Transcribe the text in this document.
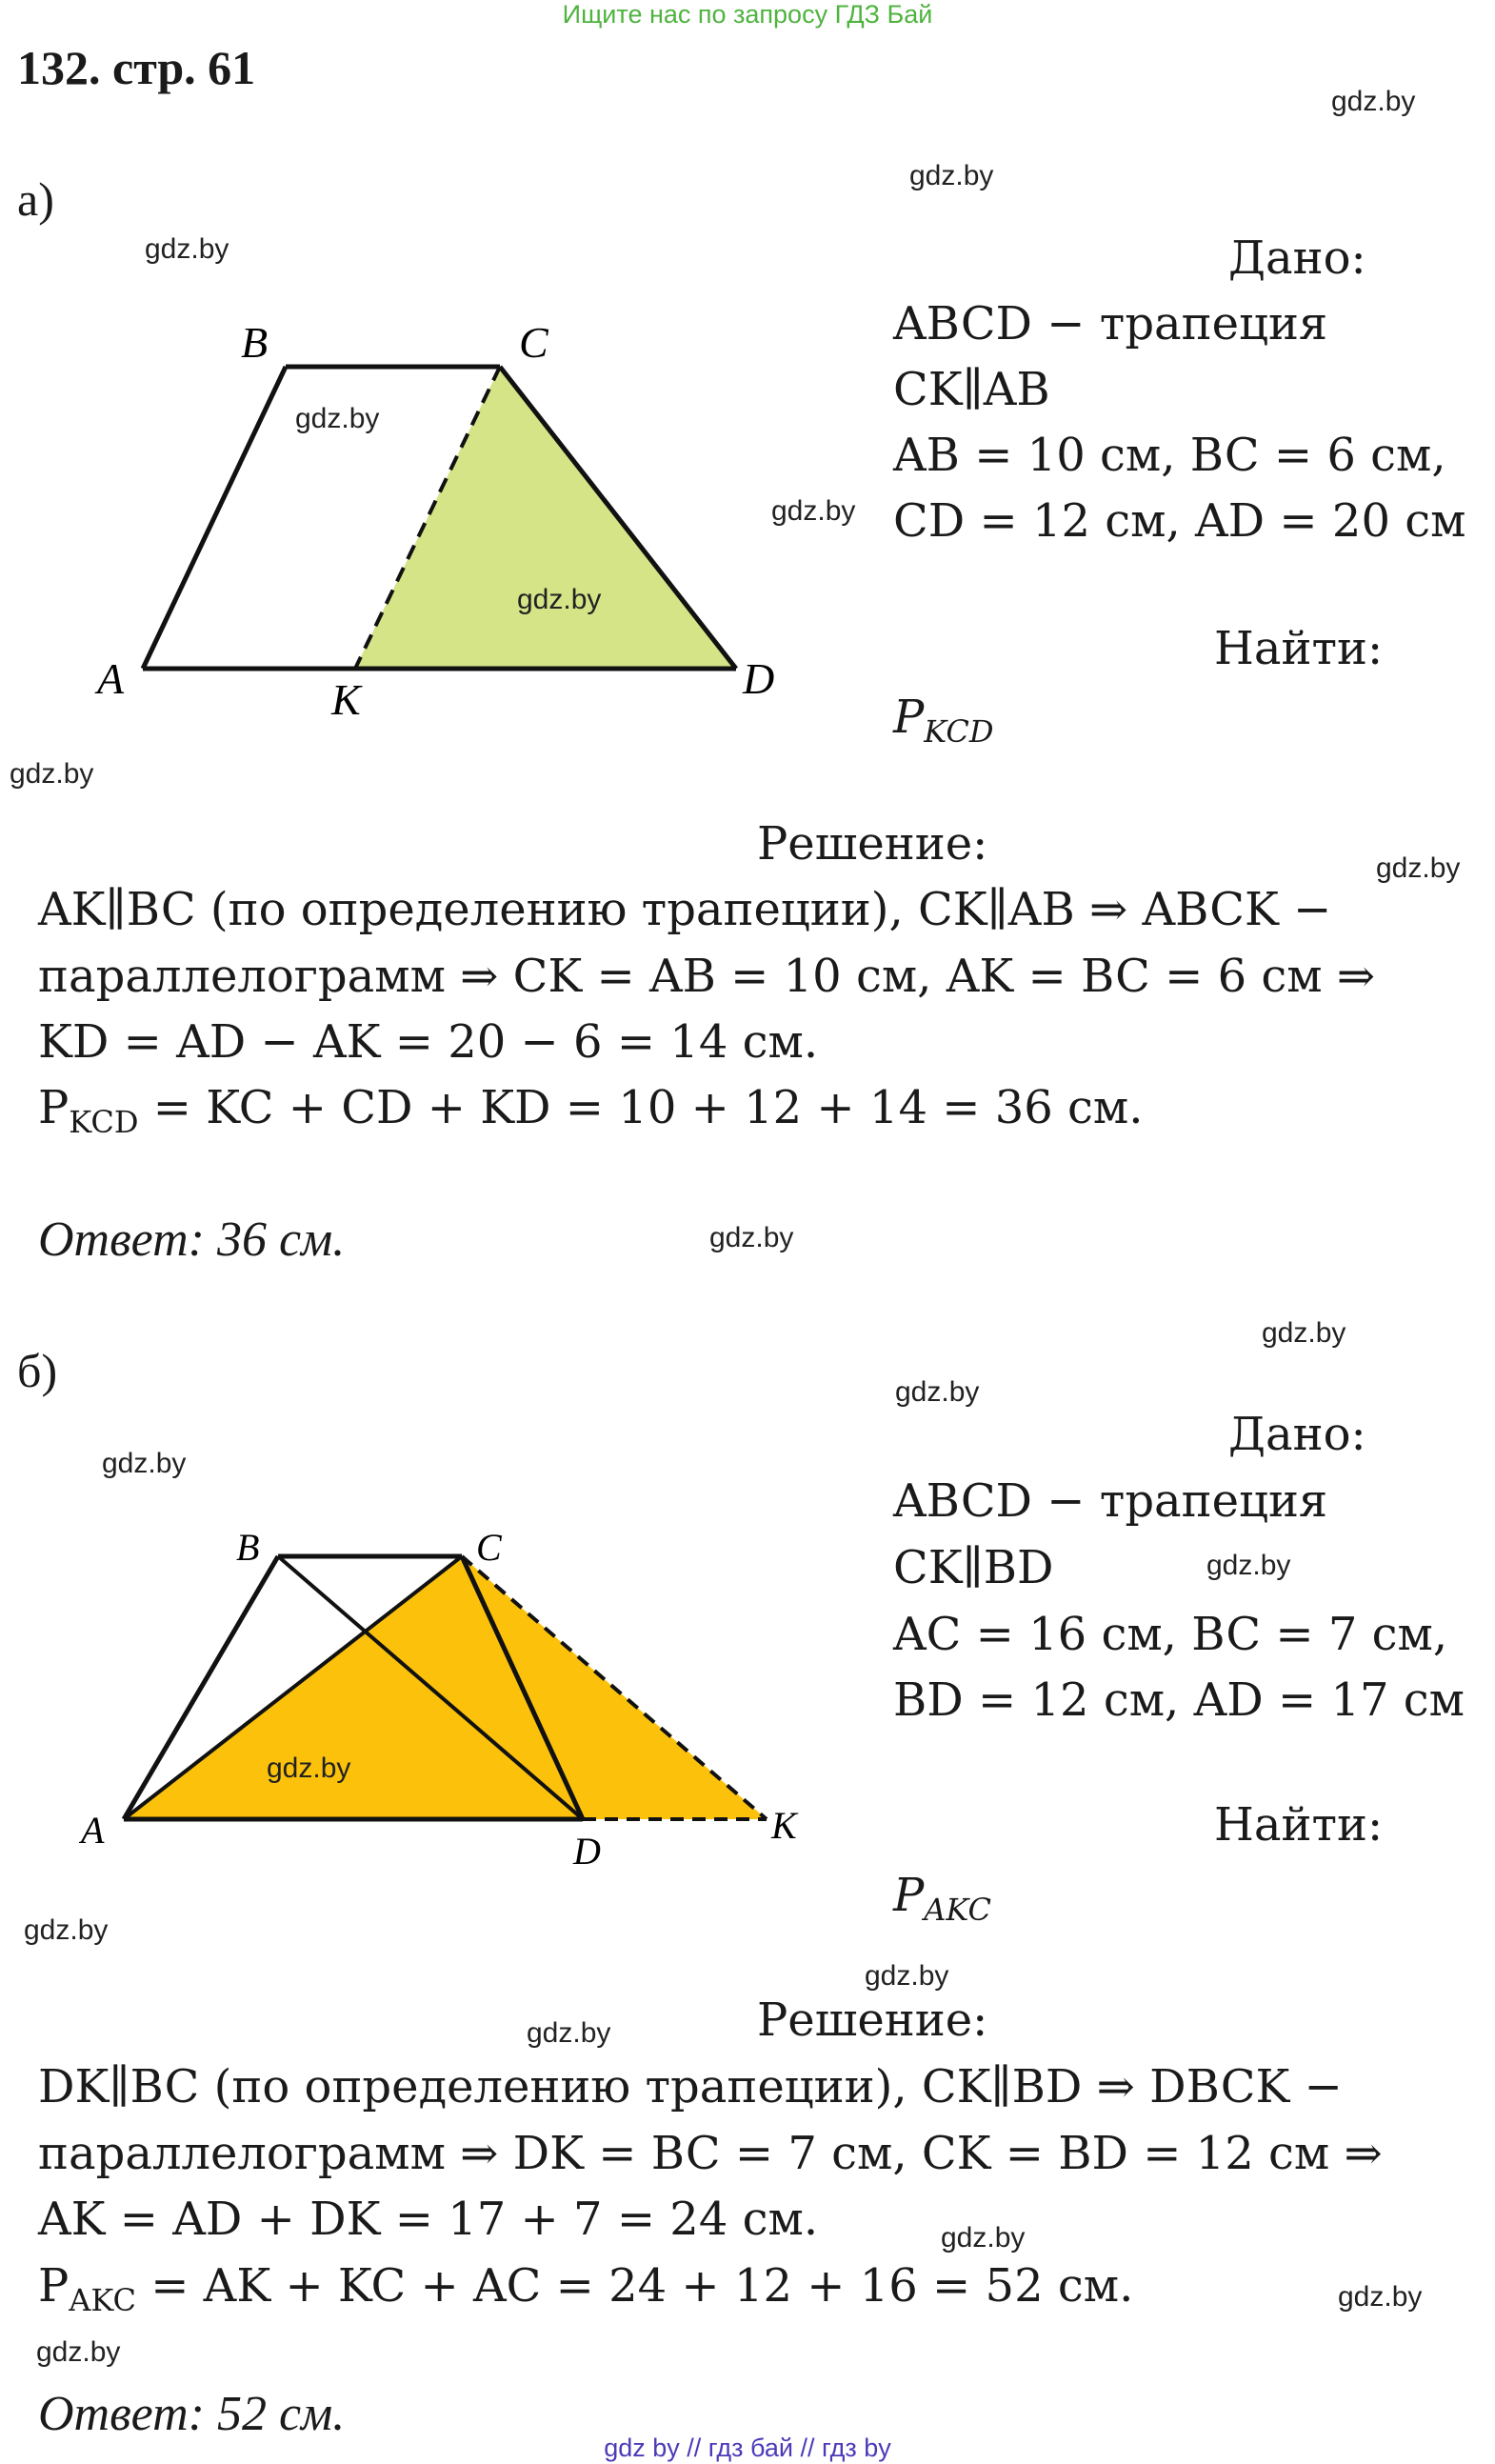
Ищите нас по запросу ГДЗ Бай
132. стр. 61
gdz.by
gdz.by
gdz.by
gdz.by
gdz.by
gdz.by
gdz.by
gdz.by
gdz.by
gdz.by
gdz.by
gdz.by
gdz.by
gdz.by
gdz.by
gdz.by
gdz.by
а)
B	C
A	K	D
gdz.by
gdz.by
Дано:
ABCD − трапеция
CK∥AB
AB = 10 см, BC = 6 см,
CD = 12 см, AD = 20 см
Найти:
$P_{KCD}$
Решение:
AK∥BC (по определению трапеции), CK∥AB ⇒ ABCK −
параллелограмм ⇒ CK = AB = 10 см, AK = BC = 6 см ⇒
KD = AD − AK = 20 − 6 = 14 см.
$P_{KCD}$ = KC + CD + KD = 10 + 12 + 14 = 36 см.
Ответ: 36 см.
б)
B	C
A	D
K
gdz.by
Дано:
ABCD − трапеция
CK∥BD
AC = 16 см, BC = 7 см,
BD = 12 см, AD = 17 см
Найти:
$P_{AKC}$
Решение:
DK∥BC (по определению трапеции), CK∥BD ⇒ DBCK −
параллелограмм ⇒ DK = BC = 7 см, CK = BD = 12 см ⇒
AK = AD + DK = 17 + 7 = 24 см.
$P_{AKC}$ = AK + KC + AC = 24 + 12 + 16 = 52 см.
Ответ: 52 см.
gdz by // гдз бай // гдз by
